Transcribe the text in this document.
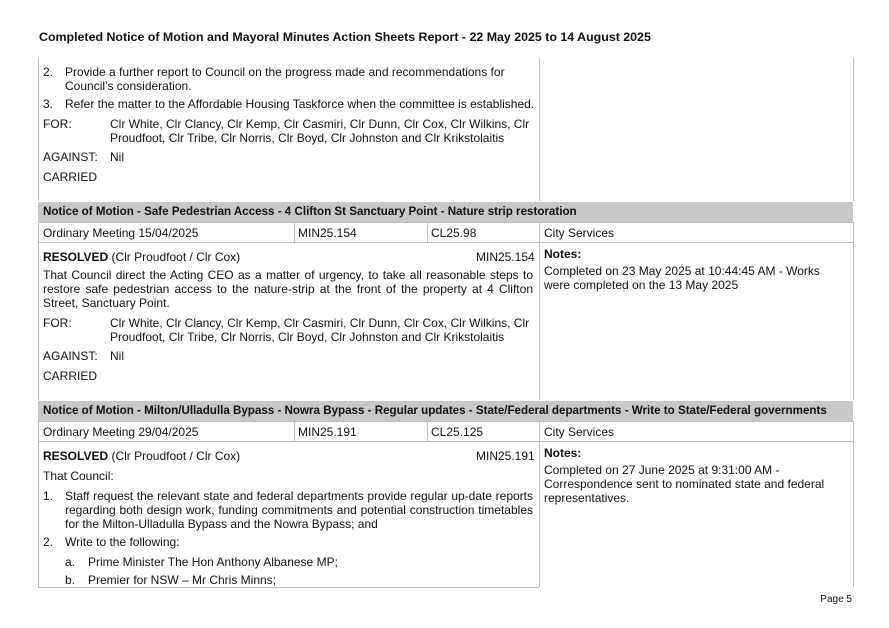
Completed Notice of Motion and Mayoral Minutes Action Sheets Report - 22 May 2025 to 14 August 2025
2. Provide a further report to Council on the progress made and recommendations for Council’s consideration.
3. Refer the matter to the Affordable Housing Taskforce when the committee is established.
FOR:	Clr White, Clr Clancy, Clr Kemp, Clr Casmiri, Clr Dunn, Clr Cox, Clr Wilkins, Clr Proudfoot, Clr Tribe, Clr Norris, Clr Boyd, Clr Johnston and Clr Krikstolaitis
AGAINST: Nil
CARRIED
Notice of Motion - Safe Pedestrian Access - 4 Clifton St Sanctuary Point - Nature strip restoration
Ordinary Meeting 15/04/2025	MIN25.154	CL25.98	City Services
RESOLVED (Clr Proudfoot / Clr Cox)	MIN25.154
That Council direct the Acting CEO as a matter of urgency, to take all reasonable steps to restore safe pedestrian access to the nature-strip at the front of the property at 4 Clifton Street, Sanctuary Point.
FOR:	Clr White, Clr Clancy, Clr Kemp, Clr Casmiri, Clr Dunn, Clr Cox, Clr Wilkins, Clr Proudfoot, Clr Tribe, Clr Norris, Clr Boyd, Clr Johnston and Clr Krikstolaitis
AGAINST: Nil
CARRIED
Notes:
Completed on 23 May 2025 at 10:44:45 AM - Works were completed on the 13 May 2025
Notice of Motion - Milton/Ulladulla Bypass - Nowra Bypass - Regular updates - State/Federal departments - Write to State/Federal governments
Ordinary Meeting 29/04/2025	MIN25.191	CL25.125	City Services
RESOLVED (Clr Proudfoot / Clr Cox)	MIN25.191
That Council:
1. Staff request the relevant state and federal departments provide regular up-date reports regarding both design work, funding commitments and potential construction timetables for the Milton-Ulladulla Bypass and the Nowra Bypass; and
2. Write to the following:
a. Prime Minister The Hon Anthony Albanese MP;
b. Premier for NSW – Mr Chris Minns;
Notes:
Completed on 27 June 2025 at 9:31:00 AM - Correspondence sent to nominated state and federal representatives.
Page 5
